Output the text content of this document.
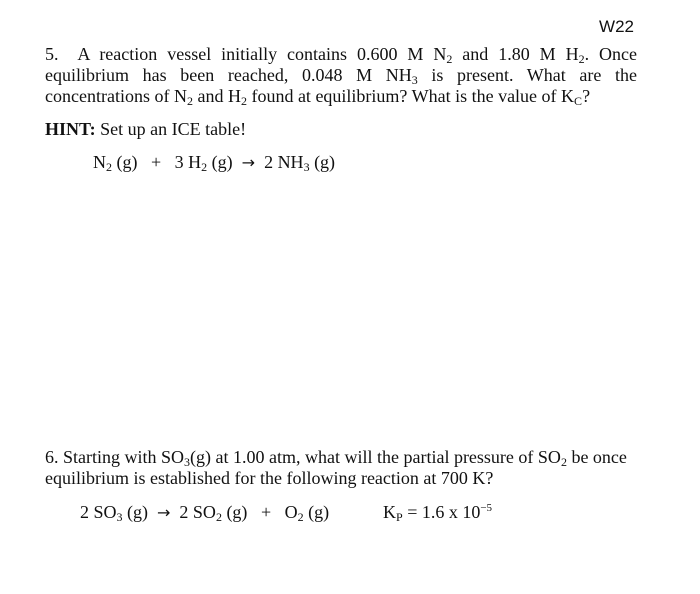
W22
5. A reaction vessel initially contains 0.600 M $N_2$ and 1.80 M $H_2$. Once equilibrium has been reached, 0.048 M $NH_3$ is present. What are the concentrations of $N_2$ and $H_2$ found at equilibrium? What is the value of $K_C$?
HINT: Set up an ICE table!
$N_2$ (g) + 3 $H_2$ (g) → 2 $NH_3$ (g)
6. Starting with $SO_3(g)$ at 1.00 atm, what will the partial pressure of $SO_2$ be once equilibrium is established for the following reaction at 700 K?
2 $SO_3$ (g) → 2 $SO_2$ $(g) + O_2$ (g)	$K_P = 1.6$ x $10^{-5}$
